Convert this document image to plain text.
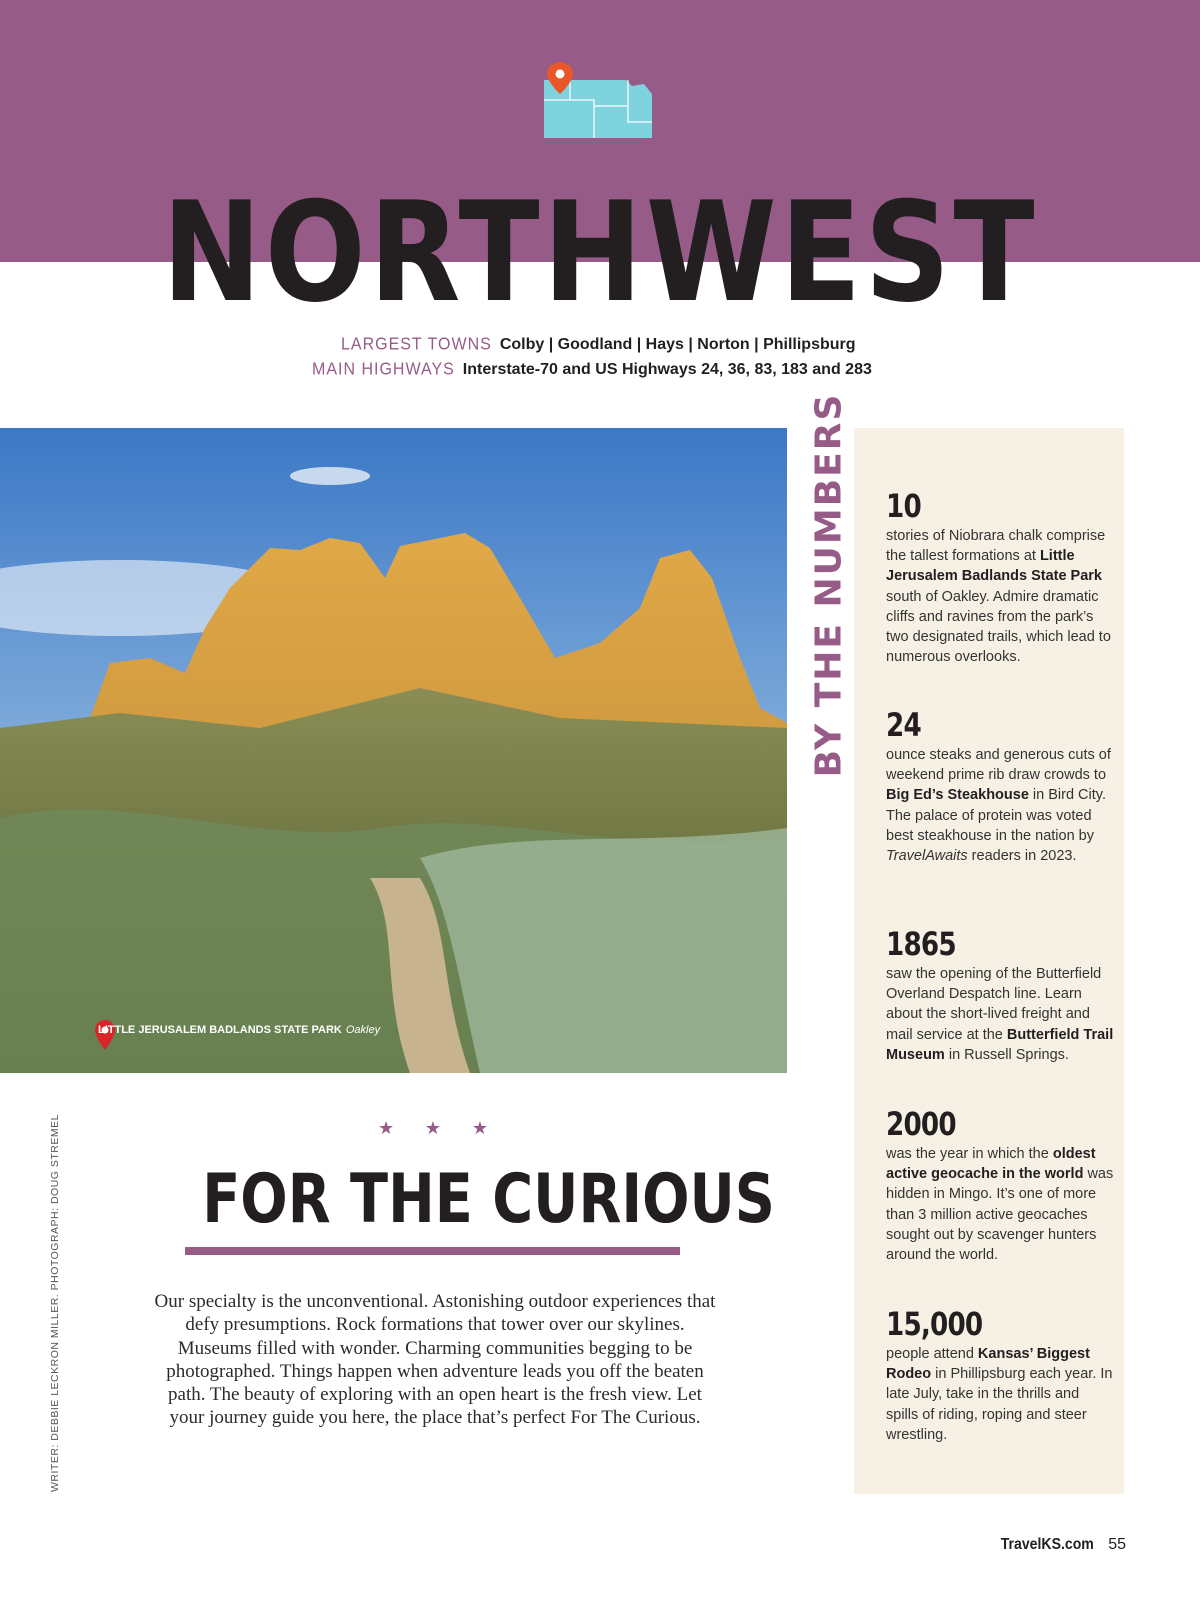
NORTHWEST
LARGEST TOWNS Colby | Goodland | Hays | Norton | Phillipsburg
MAIN HIGHWAYS Interstate-70 and US Highways 24, 36, 83, 183 and 283
LITTLE JERUSALEM BADLANDS STATE PARK Oakley
BY THE NUMBERS 10
stories of Niobrara chalk comprise the tallest formations at Little Jerusalem Badlands State Park south of Oakley. Admire dramatic cliffs and ravines from the park’s two designated trails, which lead to numerous overlooks.
24
ounce steaks and generous cuts of weekend prime rib draw crowds to Big Ed’s Steakhouse in Bird City. The palace of protein was voted best steakhouse in the nation by TravelAwaits readers in 2023.
1865
saw the opening of the Butterfield Overland Despatch line. Learn about the short-lived freight and mail service at the Butterfield Trail Museum in Russell Springs.
2000
was the year in which the oldest active geocache in the world was hidden in Mingo. It’s one of more than 3 million active geocaches sought out by scavenger hunters around the world.
15,000
people attend Kansas’ Biggest Rodeo in Phillipsburg each year. In late July, take in the thrills and spills of riding, roping and steer wrestling.
★ ★ ★
FOR THE CURIOUS
Our specialty is the unconventional. Astonishing outdoor experiences that defy presumptions. Rock formations that tower over our skylines. Museums filled with wonder. Charming communities begging to be photographed. Things happen when adventure leads you off the beaten path. The beauty of exploring with an open heart is the fresh view. Let your journey guide you here, the place that’s perfect For The Curious.
WRITER: DEBBIE LECKRON MILLER. PHOTOGRAPH: DOUG STREMEL
TravelKS.com 55
